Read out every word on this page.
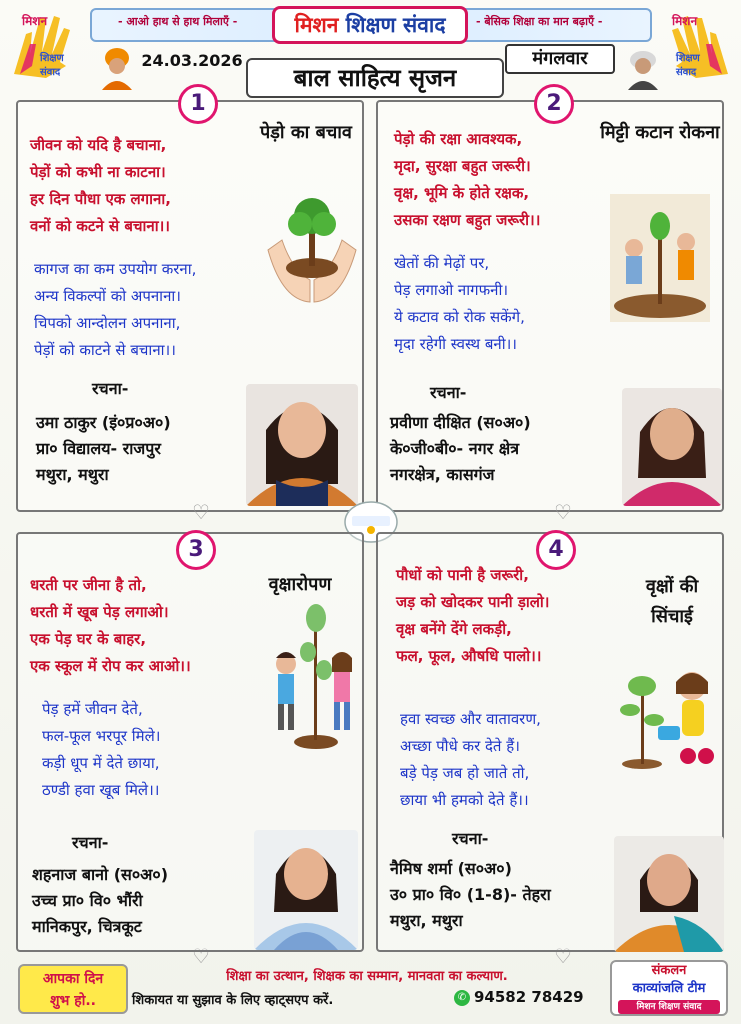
- आओ हाथ से हाथ मिलाएँ -	- बेसिक शिक्षा का मान बढ़ाएँ -
मिशन शिक्षण संवाद
मिशन
शिक्षण
संवाद
मिशन
शिक्षण
संवाद
24.03.2026	मंगलवार
बाल साहित्य सृजन
1
पेड़ो का बचाव
जीवन को यदि है बचाना,
पेड़ों को कभी ना काटना।
हर दिन पौधा एक लगाना,
वनों को कटने से बचाना।।
कागज का कम उपयोग करना,
अन्य विकल्पों को अपनाना।
चिपको आन्दोलन अपनाना,
पेड़ों को काटने से बचाना।।
रचना-
उमा ठाकुर (इं०प्र०अ०)
प्रा० विद्यालय- राजपुर
मथुरा, मथुरा
2
मिट्टी कटान रोकना
पेड़ो की रक्षा आवश्यक,
मृदा, सुरक्षा बहुत जरूरी।
वृक्ष, भूमि के होते रक्षक,
उसका रक्षण बहुत जरूरी।।
खेतों की मेढ़ों पर,
पेड़ लगाओ नागफनी।
ये कटाव को रोक सकेंगे,
मृदा रहेगी स्वस्थ बनी।।
रचना-
प्रवीणा दीक्षित (स०अ०)
के०जी०बी०- नगर क्षेत्र
नगरक्षेत्र, कासगंज
♡	♡
♡	♡
3
वृक्षारोपण
धरती पर जीना है तो,
धरती में खूब पेड़ लगाओ।
एक पेड़ घर के बाहर,
एक स्कूल में रोप कर आओ।।
पेड़ हमें जीवन देते,
फल-फूल भरपूर मिले।
कड़ी धूप में देते छाया,
ठण्डी हवा खूब मिले।।
रचना-
शहनाज बानो (स०अ०)
उच्च प्रा० वि० भौंरी
मानिकपुर, चित्रकूट
4
वृक्षों की सिंचाई
पौधों को पानी है जरूरी,
जड़ को खोदकर पानी ड़ालो।
वृक्ष बनेंगे देंगे लकड़ी,
फल, फूल, औषधि पालो।।
हवा स्वच्छ और वातावरण,
अच्छा पौधे कर देते हैं।
बड़े पेड़ जब हो जाते तो,
छाया भी हमको देते हैं।।
रचना-
नैमिष शर्मा (स०अ०)
उ० प्रा० वि० (1-8)- तेहरा
मथुरा, मथुरा
आपका दिन
शुभ हो..
शिक्षा का उत्थान, शिक्षक का सम्मान, मानवता का कल्याण.
शिकायत या सुझाव के लिए व्हाट्सएप करें.	✆ 94582 78429
संकलन
काव्यांजलि टीम
मिशन शिक्षण संवाद
